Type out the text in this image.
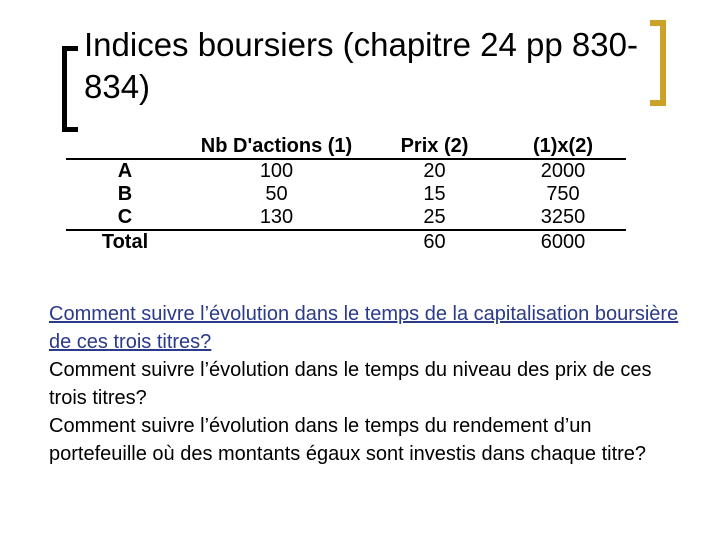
Indices boursiers (chapitre 24 pp 830-834)
	Nb D'actions (1)	Prix (2)	(1)x(2)
A	100	20	2000
B	50	15	750
C	130	25	3250
Total		60	6000
Comment suivre l’évolution dans le temps de la capitalisation boursière de ces trois titres?
Comment suivre l’évolution dans le temps du niveau des prix de ces trois titres?
Comment suivre l’évolution dans le temps du rendement d’un portefeuille où des montants égaux sont investis dans chaque titre?
